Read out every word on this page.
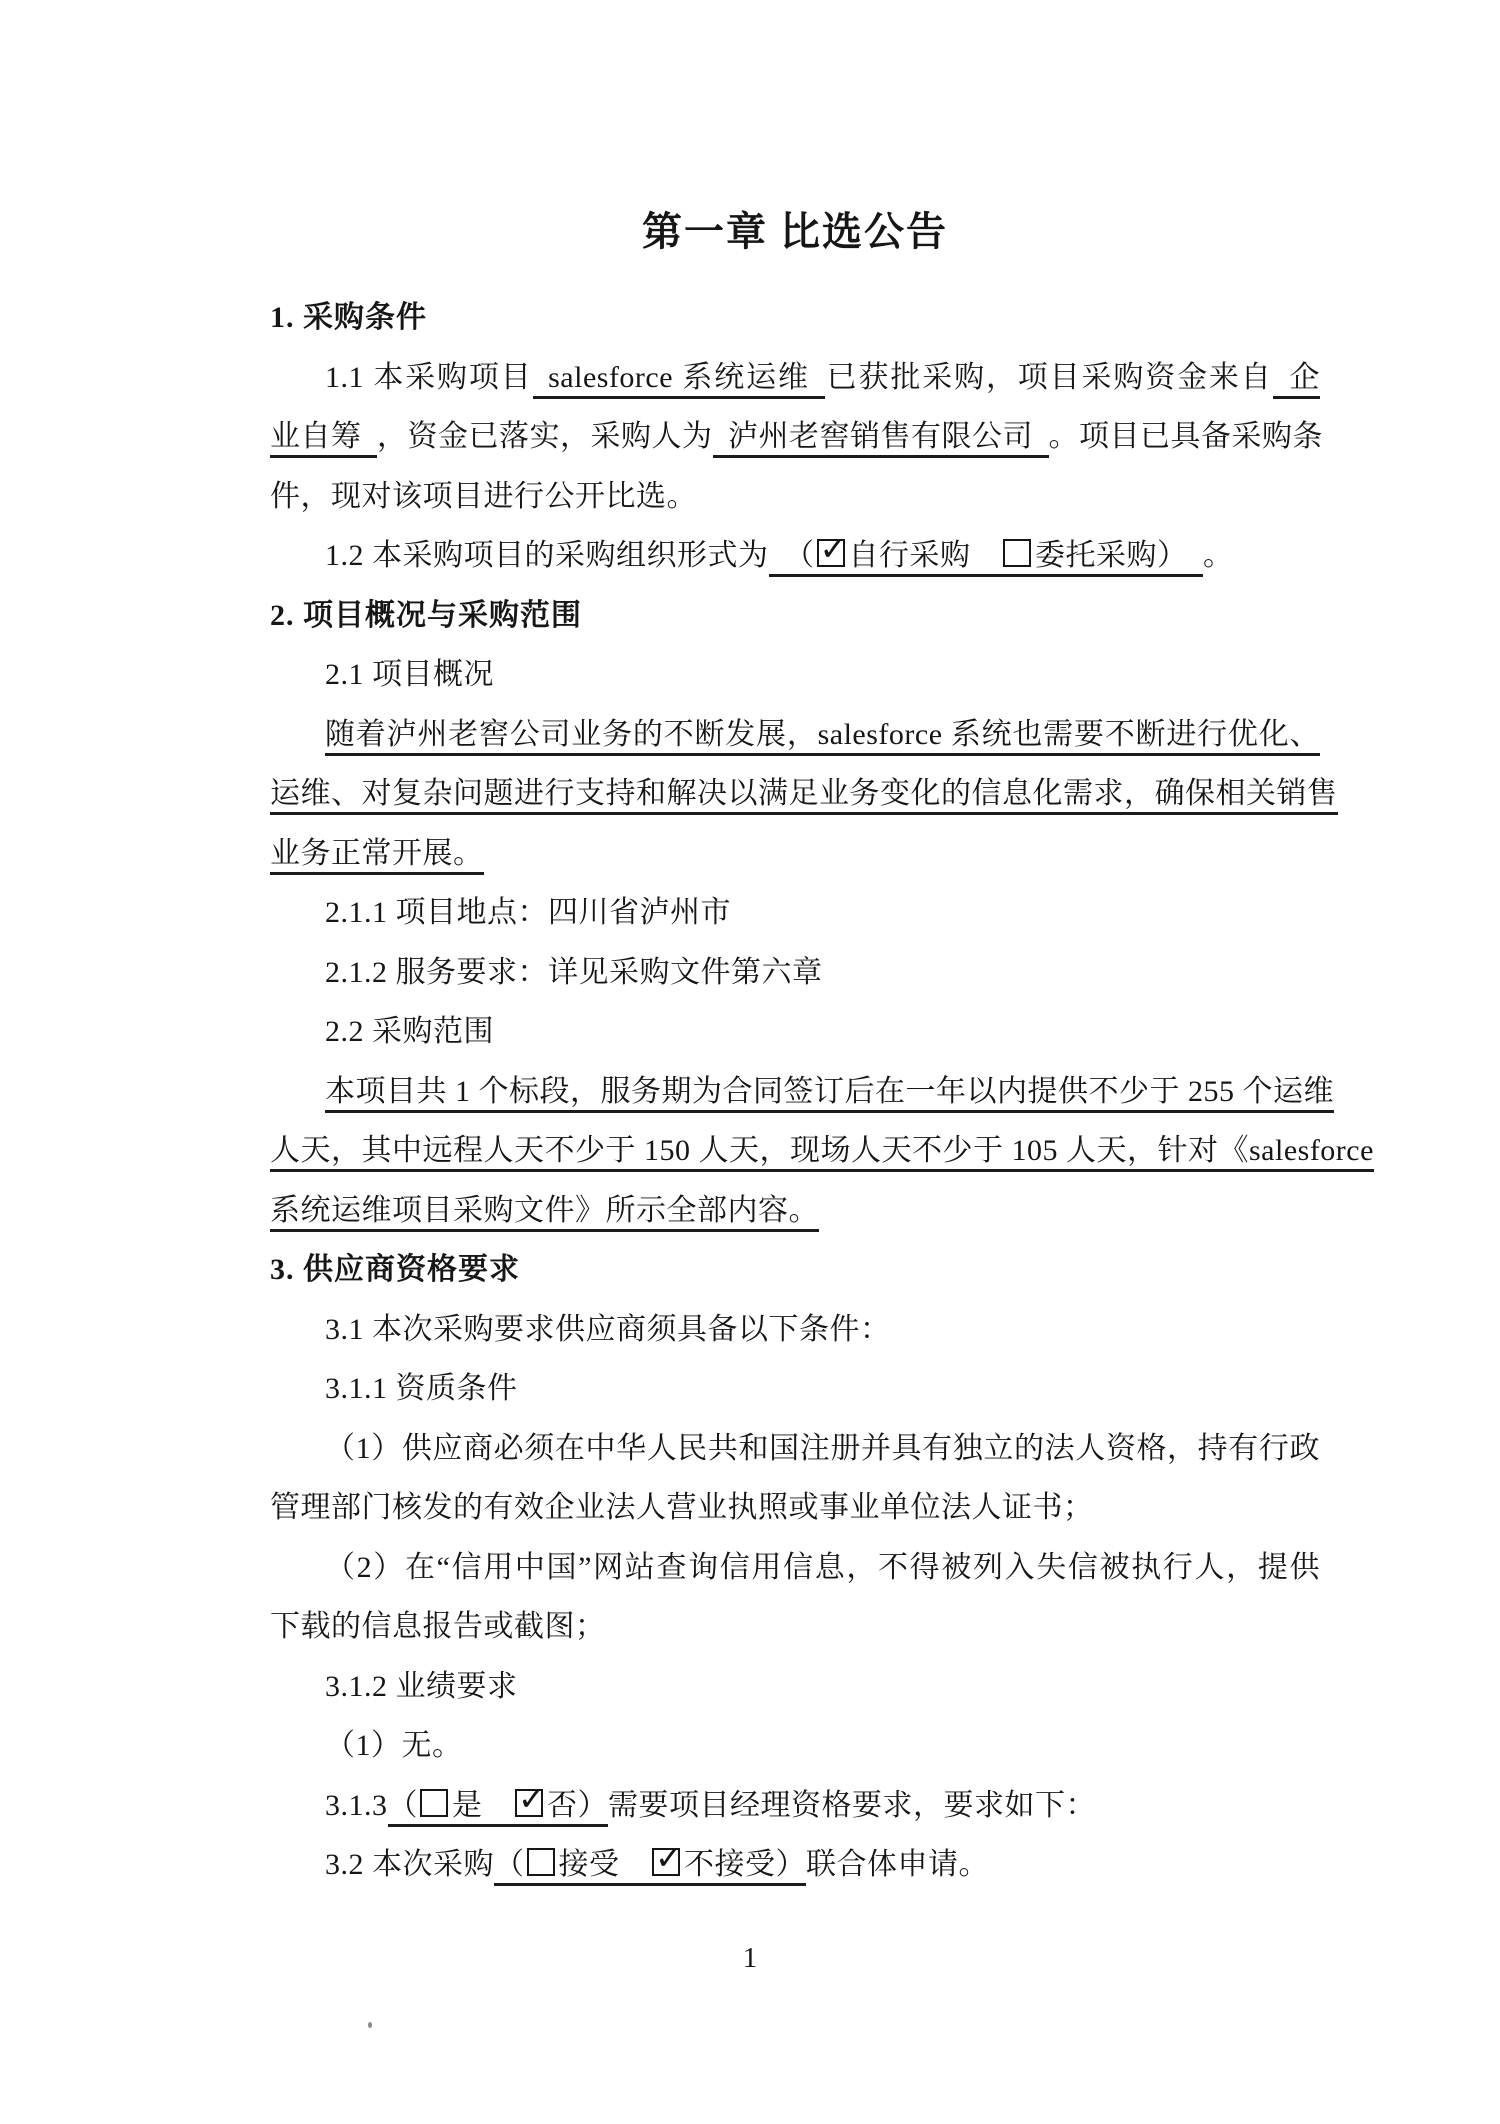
第一章 比选公告
1. 采购条件
1.1 本采购项目 salesforce 系统运维 已获批采购，项目采购资金来自 企
业自筹 ，资金已落实，采购人为 泸州老窖销售有限公司 。项目已具备采购条
件，现对该项目进行公开比选。
1.2 本采购项目的采购组织形式为　（ ✓ 自行采购　委托采购）　。
2. 项目概况与采购范围
2.1 项目概况
随着泸州老窖公司业务的不断发展，salesforce 系统也需要不断进行优化、
运维、对复杂问题进行支持和解决以满足业务变化的信息化需求，确保相关销售
业务正常开展。
2.1.1 项目地点：四川省泸州市
2.1.2 服务要求：详见采购文件第六章
2.2 采购范围
本项目共 1 个标段，服务期为合同签订后在一年以内提供不少于 255 个运维
人天，其中远程人天不少于 150 人天，现场人天不少于 105 人天，针对《salesforce
系统运维项目采购文件》所示全部内容。
3. 供应商资格要求
3.1 本次采购要求供应商须具备以下条件：
3.1.1 资质条件
（1）供应商必须在中华人民共和国注册并具有独立的法人资格，持有行政
管理部门核发的有效企业法人营业执照或事业单位法人证书；
（2）在“信用中国”网站查询信用信息，不得被列入失信被执行人，提供
下载的信息报告或截图；
3.1.2 业绩要求
（1）无。
3.1.3（ 是　 ✓ 否）需要项目经理资格要求，要求如下：
3.2 本次采购（ 接受　 ✓ 不接受）联合体申请。
1
